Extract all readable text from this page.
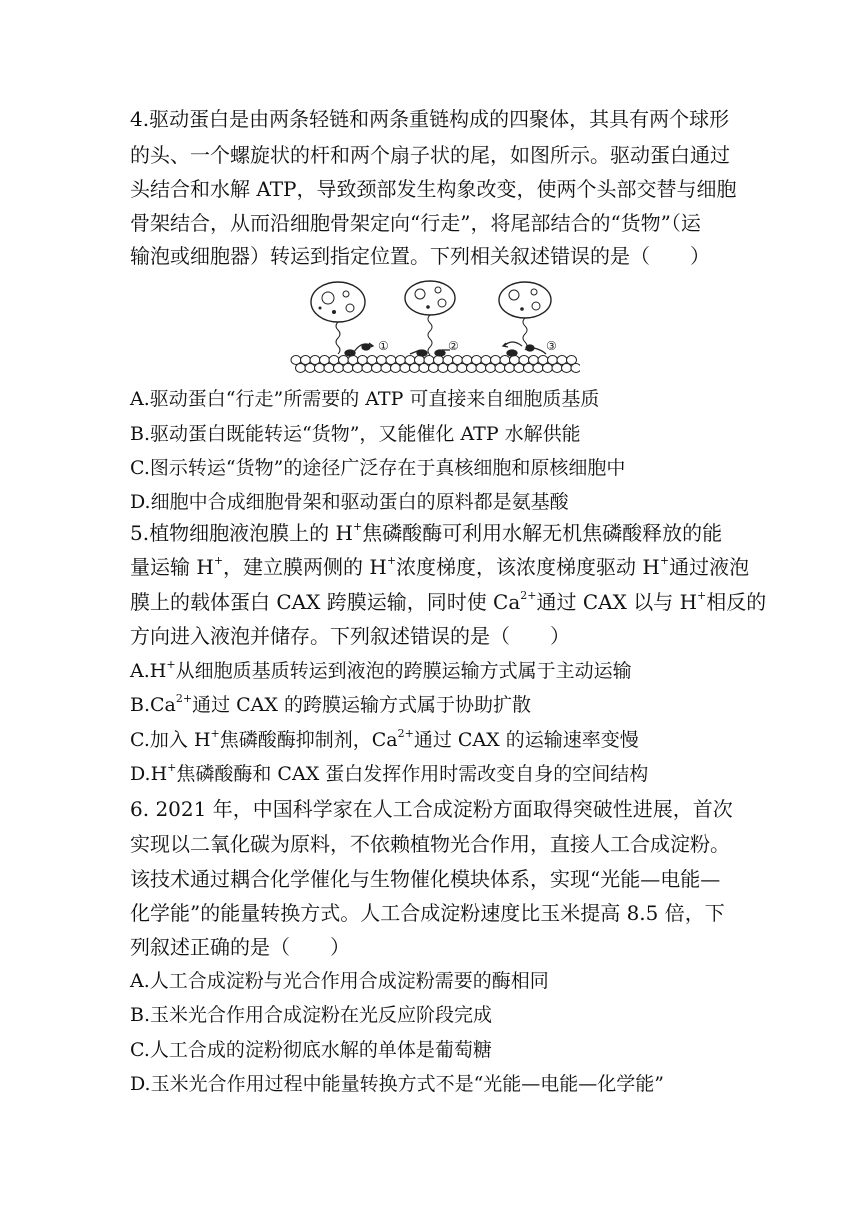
4.驱动蛋白是由两条轻链和两条重链构成的四聚体，其具有两个球形
的头、一个螺旋状的杆和两个扇子状的尾，如图所示。驱动蛋白通过
头结合和水解 ATP，导致颈部发生构象改变，使两个头部交替与细胞
骨架结合，从而沿细胞骨架定向“行走”，将尾部结合的“货物”（运
输泡或细胞器）转运到指定位置。下列相关叙述错误的是（　　）
①	②	③
A.驱动蛋白“行走”所需要的 ATP 可直接来自细胞质基质
B.驱动蛋白既能转运“货物”，又能催化 ATP 水解供能
C.图示转运“货物”的途径广泛存在于真核细胞和原核细胞中
D.细胞中合成细胞骨架和驱动蛋白的原料都是氨基酸
5.植物细胞液泡膜上的 H+焦磷酸酶可利用水解无机焦磷酸释放的能
量运输 H+，建立膜两侧的 H+浓度梯度，该浓度梯度驱动 H+通过液泡
膜上的载体蛋白 CAX 跨膜运输，同时使 $Ca^{2+}$通过 CAX 以与 H+相反的
方向进入液泡并储存。下列叙述错误的是（　　）
A.H+从细胞质基质转运到液泡的跨膜运输方式属于主动运输
$B.Ca^{2+}$通过 CAX 的跨膜运输方式属于协助扩散
C.加入 H+焦磷酸酶抑制剂，$Ca^{2+}$通过 CAX 的运输速率变慢
D.H+焦磷酸酶和 CAX 蛋白发挥作用时需改变自身的空间结构
6. 2021 年，中国科学家在人工合成淀粉方面取得突破性进展，首次
实现以二氧化碳为原料，不依赖植物光合作用，直接人工合成淀粉。
该技术通过耦合化学催化与生物催化模块体系，实现“光能—电能—
化学能”的能量转换方式。人工合成淀粉速度比玉米提高 8.5 倍，下
列叙述正确的是（　　）
A.人工合成淀粉与光合作用合成淀粉需要的酶相同
B.玉米光合作用合成淀粉在光反应阶段完成
C.人工合成的淀粉彻底水解的单体是葡萄糖
D.玉米光合作用过程中能量转换方式不是“光能—电能—化学能”
